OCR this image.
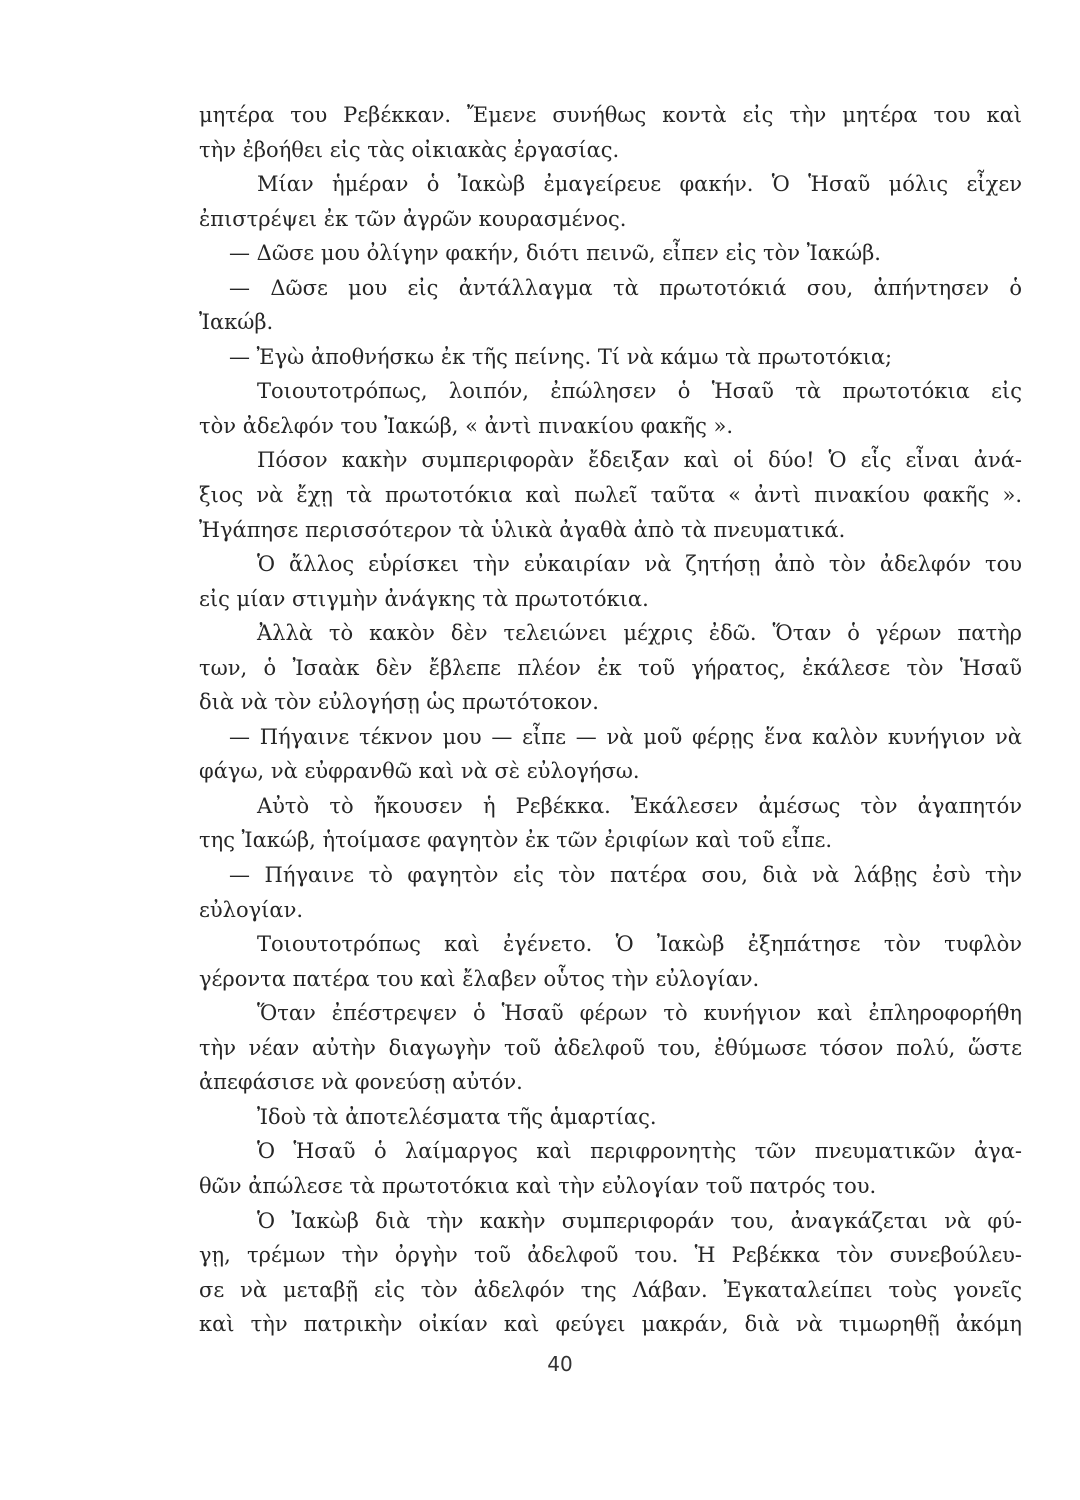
μητέρα του Ρεβέκκαν. Ἔμενε συνήθως κοντὰ εἰς τὴν μητέρα του καὶ
τὴν ἐβοήθει εἰς τὰς οἰκιακὰς ἐργασίας.
Μίαν ἡμέραν ὁ Ἰακὼβ ἐμαγείρευε φακήν. Ὁ Ἡσαῦ μόλις εἶχεν
ἐπιστρέψει ἐκ τῶν ἀγρῶν κουρασμένος.
— Δῶσε μου ὀλίγην φακήν, διότι πεινῶ, εἶπεν εἰς τὸν Ἰακώβ.
— Δῶσε μου εἰς ἀντάλλαγμα τὰ πρωτοτόκιά σου, ἀπήντησεν ὁ
Ἰακώβ.
— Ἐγὼ ἀποθνήσκω ἐκ τῆς πείνης. Τί νὰ κάμω τὰ πρωτοτόκια;
Τοιουτοτρόπως, λοιπόν, ἐπώλησεν ὁ Ἡσαῦ τὰ πρωτοτόκια εἰς
τὸν ἀδελφόν του Ἰακώβ, « ἀντὶ πινακίου φακῆς ».
Πόσον κακὴν συμπεριφορὰν ἔδειξαν καὶ οἱ δύο! Ὁ εἷς εἶναι ἀνά-
ξιος νὰ ἔχῃ τὰ πρωτοτόκια καὶ πωλεῖ ταῦτα « ἀντὶ πινακίου φακῆς ».
Ἠγάπησε περισσότερον τὰ ὑλικὰ ἀγαθὰ ἀπὸ τὰ πνευματικά.
Ὁ ἄλλος εὑρίσκει τὴν εὐκαιρίαν νὰ ζητήσῃ ἀπὸ τὸν ἀδελφόν του
εἰς μίαν στιγμὴν ἀνάγκης τὰ πρωτοτόκια.
Ἀλλὰ τὸ κακὸν δὲν τελειώνει μέχρις ἐδῶ. Ὅταν ὁ γέρων πατὴρ
των, ὁ Ἰσαὰκ δὲν ἔβλεπε πλέον ἐκ τοῦ γήρατος, ἐκάλεσε τὸν Ἡσαῦ
διὰ νὰ τὸν εὐλογήσῃ ὡς πρωτότοκον.
— Πήγαινε τέκνον μου — εἶπε — νὰ μοῦ φέρῃς ἕνα καλὸν κυνήγιον νὰ
φάγω, νὰ εὐφρανθῶ καὶ νὰ σὲ εὐλογήσω.
Αὐτὸ τὸ ἤκουσεν ἡ Ρεβέκκα. Ἐκάλεσεν ἀμέσως τὸν ἀγαπητόν
της Ἰακώβ, ἡτοίμασε φαγητὸν ἐκ τῶν ἐριφίων καὶ τοῦ εἶπε.
— Πήγαινε τὸ φαγητὸν εἰς τὸν πατέρα σου, διὰ νὰ λάβῃς ἐσὺ τὴν
εὐλογίαν.
Τοιουτοτρόπως καὶ ἐγένετο. Ὁ Ἰακὼβ ἐξηπάτησε τὸν τυφλὸν
γέροντα πατέρα του καὶ ἔλαβεν οὗτος τὴν εὐλογίαν.
Ὅταν ἐπέστρεψεν ὁ Ἡσαῦ φέρων τὸ κυνήγιον καὶ ἐπληροφορήθη
τὴν νέαν αὐτὴν διαγωγὴν τοῦ ἀδελφοῦ του, ἐθύμωσε τόσον πολύ, ὥστε
ἀπεφάσισε νὰ φονεύσῃ αὐτόν.
Ἰδοὺ τὰ ἀποτελέσματα τῆς ἁμαρτίας.
Ὁ Ἡσαῦ ὁ λαίμαργος καὶ περιφρονητὴς τῶν πνευματικῶν ἀγα-
θῶν ἀπώλεσε τὰ πρωτοτόκια καὶ τὴν εὐλογίαν τοῦ πατρός του.
Ὁ Ἰακὼβ διὰ τὴν κακὴν συμπεριφοράν του, ἀναγκάζεται νὰ φύ-
γῃ, τρέμων τὴν ὀργὴν τοῦ ἀδελφοῦ του. Ἡ Ρεβέκκα τὸν συνεβούλευ-
σε νὰ μεταβῇ εἰς τὸν ἀδελφόν της Λάβαν. Ἐγκαταλείπει τοὺς γονεῖς
καὶ τὴν πατρικὴν οἰκίαν καὶ φεύγει μακράν, διὰ νὰ τιμωρηθῇ ἀκόμη
40
